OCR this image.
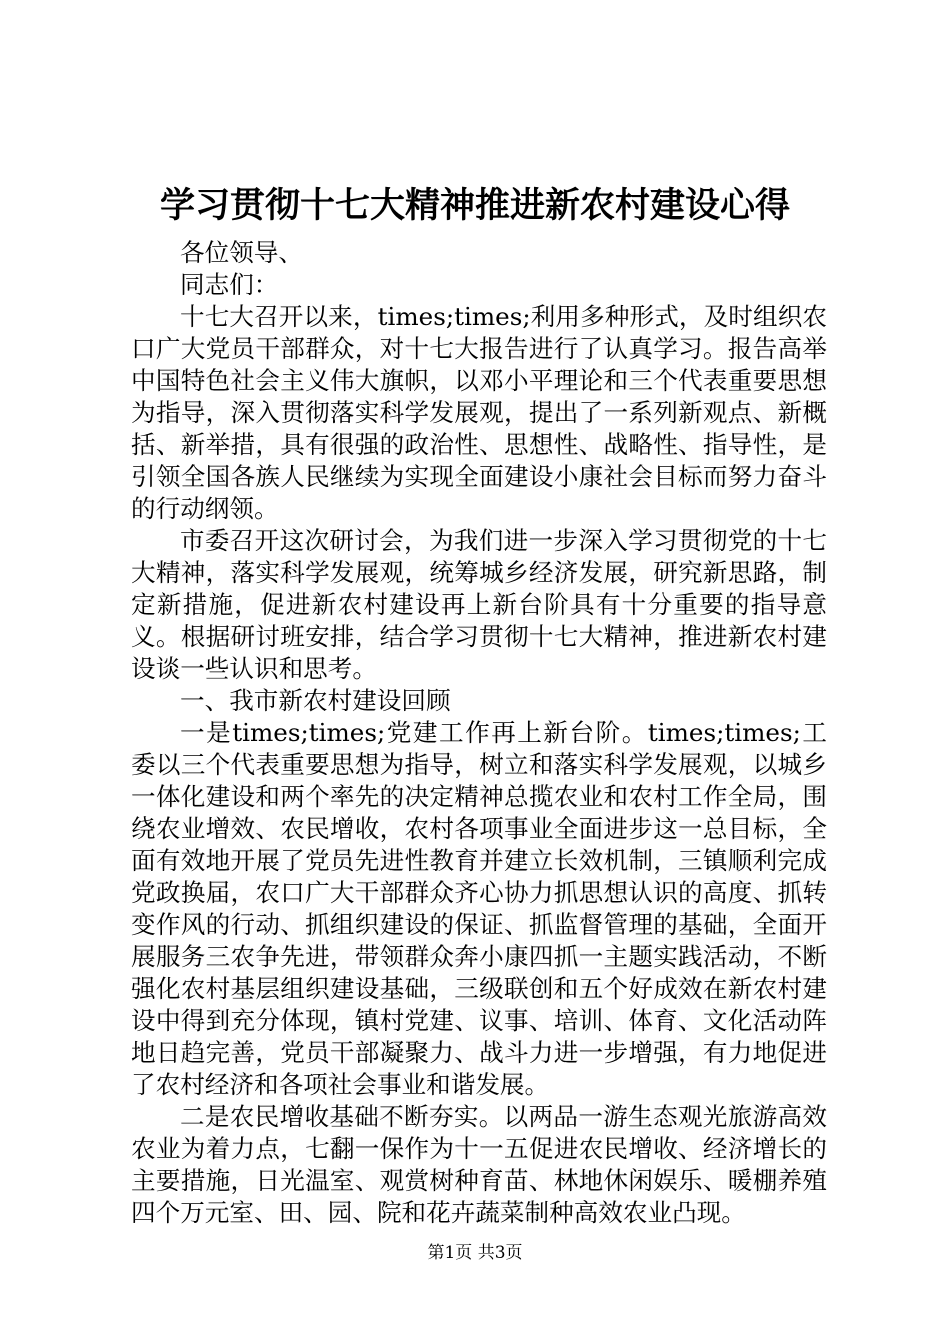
学习贯彻十七大精神推进新农村建设心得

各位领导、

同志们：

十七大召开以来，times;times;利用多种形式，及时组织农口广大党员干部群众，对十七大报告进行了认真学习。报告高举中国特色社会主义伟大旗帜，以邓小平理论和三个代表重要思想为指导，深入贯彻落实科学发展观，提出了一系列新观点、新概括、新举措，具有很强的政治性、思想性、战略性、指导性，是引领全国各族人民继续为实现全面建设小康社会目标而努力奋斗的行动纲领。

市委召开这次研讨会，为我们进一步深入学习贯彻党的十七大精神，落实科学发展观，统筹城乡经济发展，研究新思路，制定新措施，促进新农村建设再上新台阶具有十分重要的指导意义。根据研讨班安排，结合学习贯彻十七大精神，推进新农村建设谈一些认识和思考。

一、我市新农村建设回顾

一是times;times;党建工作再上新台阶。times;times;工委以三个代表重要思想为指导，树立和落实科学发展观，以城乡一体化建设和两个率先的决定精神总揽农业和农村工作全局，围绕农业增效、农民增收，农村各项事业全面进步这一总目标，全面有效地开展了党员先进性教育并建立长效机制，三镇顺利完成党政换届，农口广大干部群众齐心协力抓思想认识的高度、抓转变作风的行动、抓组织建设的保证、抓监督管理的基础，全面开展服务三农争先进，带领群众奔小康四抓一主题实践活动，不断强化农村基层组织建设基础，三级联创和五个好成效在新农村建设中得到充分体现，镇村党建、议事、培训、体育、文化活动阵地日趋完善，党员干部凝聚力、战斗力进一步增强，有力地促进了农村经济和各项社会事业和谐发展。

二是农民增收基础不断夯实。以两品一游生态观光旅游高效农业为着力点，七翻一保作为十一五促进农民增收、经济增长的主要措施，日光温室、观赏树种育苗、林地休闲娱乐、暖棚养殖四个万元室、田、园、院和花卉蔬菜制种高效农业凸现。

第1页 共3页
